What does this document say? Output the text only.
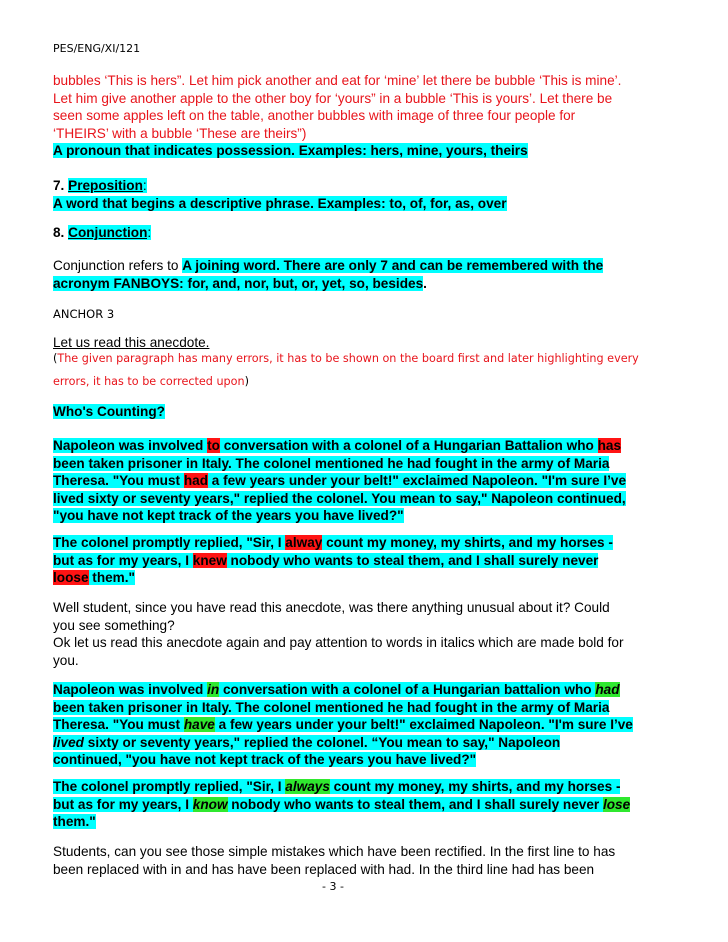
PES/ENG/XI/121
bubbles ‘This is hers”. Let him pick another and eat for ‘mine’ let there be bubble ‘This is mine’.
Let him give another apple to the other boy for ‘yours” in a bubble ‘This is yours’. Let there be
seen some apples left on the table, another bubbles with image of three four people for
‘THEIRS’ with a bubble ‘These are theirs”)
A pronoun that indicates possession. Examples: hers, mine, yours, theirs
7. Preposition:
A word that begins a descriptive phrase. Examples: to, of, for, as, over
8. Conjunction:
Conjunction refers to A joining word. There are only 7 and can be remembered with the
acronym FANBOYS: for, and, nor, but, or, yet, so, besides.
ANCHOR 3
Let us read this anecdote.
(The given paragraph has many errors, it has to be shown on the board first and later highlighting every
errors, it has to be corrected upon)
Who's Counting?
Napoleon was involved to conversation with a colonel of a Hungarian Battalion who has
been taken prisoner in Italy. The colonel mentioned he had fought in the army of Maria
Theresa. "You must had a few years under your belt!" exclaimed Napoleon. "I'm sure I’ve
lived sixty or seventy years," replied the colonel. You mean to say," Napoleon continued,
"you have not kept track of the years you have lived?"
The colonel promptly replied, "Sir, I alway count my money, my shirts, and my horses -
but as for my years, I knew nobody who wants to steal them, and I shall surely never
loose them."
Well student, since you have read this anecdote, was there anything unusual about it? Could
you see something?
Ok let us read this anecdote again and pay attention to words in italics which are made bold for
you.
Napoleon was involved in conversation with a colonel of a Hungarian battalion who had
been taken prisoner in Italy. The colonel mentioned he had fought in the army of Maria
Theresa. "You must have a few years under your belt!" exclaimed Napoleon. "I'm sure I’ve
lived sixty or seventy years," replied the colonel. “You mean to say," Napoleon
continued, "you have not kept track of the years you have lived?"
The colonel promptly replied, "Sir, I always count my money, my shirts, and my horses -
but as for my years, I know nobody who wants to steal them, and I shall surely never lose
them."
Students, can you see those simple mistakes which have been rectified. In the first line to has
been replaced with in and has have been replaced with had. In the third line had has been
- 3 -
